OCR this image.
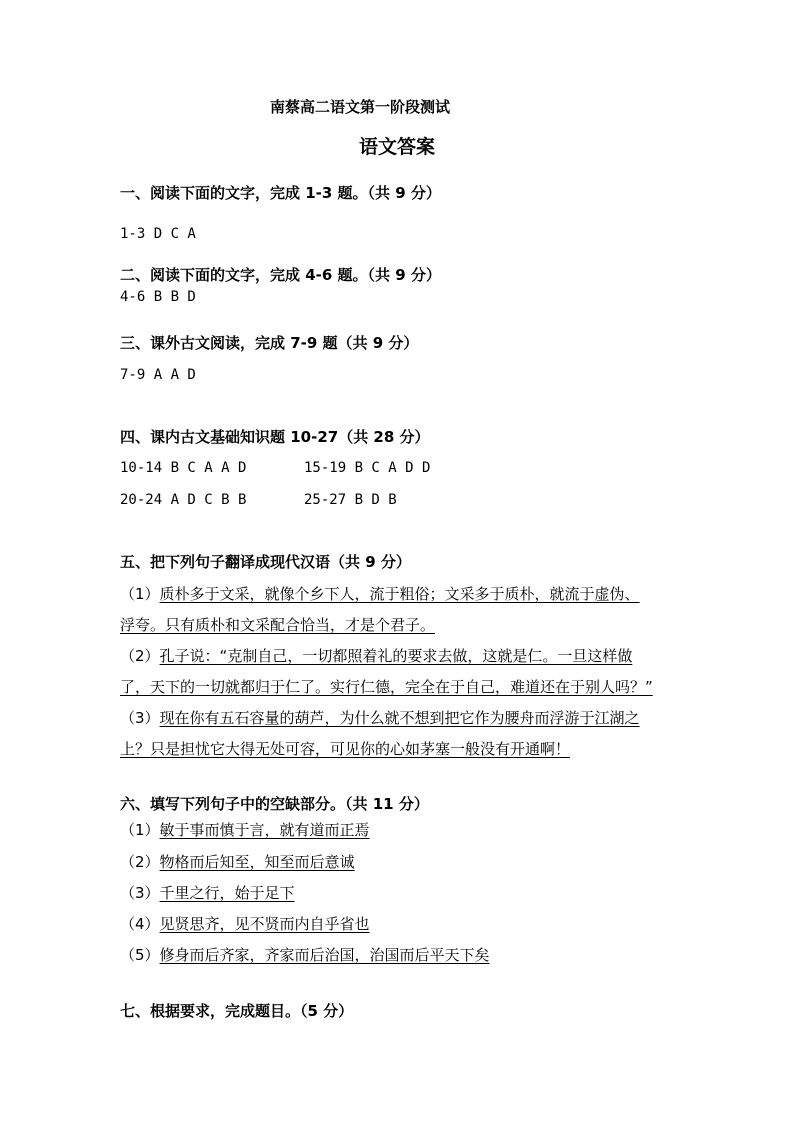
南蔡高二语文第一阶段测试
语文答案
一、阅读下面的文字，完成 1-3 题。（共 9 分）
1-3 D C A
二、阅读下面的文字，完成 4-6 题。（共 9 分）
4-6 B B D
三、课外古文阅读，完成 7-9 题（共 9 分）
7-9 A A D
四、课内古文基础知识题 10-27（共 28 分）
10-14 B C A A D	15-19 B C A D D
20-24 A D C B B	25-27 B D B
五、把下列句子翻译成现代汉语（共 9 分）
（1）质朴多于文采，就像个乡下人，流于粗俗；文采多于质朴，就流于虚伪、
浮夸。只有质朴和文采配合恰当，才是个君子。
（2）孔子说：“克制自己，一切都照着礼的要求去做，这就是仁。一旦这样做
了，天下的一切就都归于仁了。实行仁德，完全在于自己，难道还在于别人吗？”
（3）现在你有五石容量的葫芦，为什么就不想到把它作为腰舟而浮游于江湖之
上？只是担忧它大得无处可容，可见你的心如茅塞一般没有开通啊！
六、填写下列句子中的空缺部分。（共 11 分）
（1）敏于事而慎于言，就有道而正焉
（2）物格而后知至，知至而后意诚
（3）千里之行，始于足下
（4）见贤思齐，见不贤而内自乎省也
（5）修身而后齐家，齐家而后治国，治国而后平天下矣
七、根据要求，完成题目。（5 分）
